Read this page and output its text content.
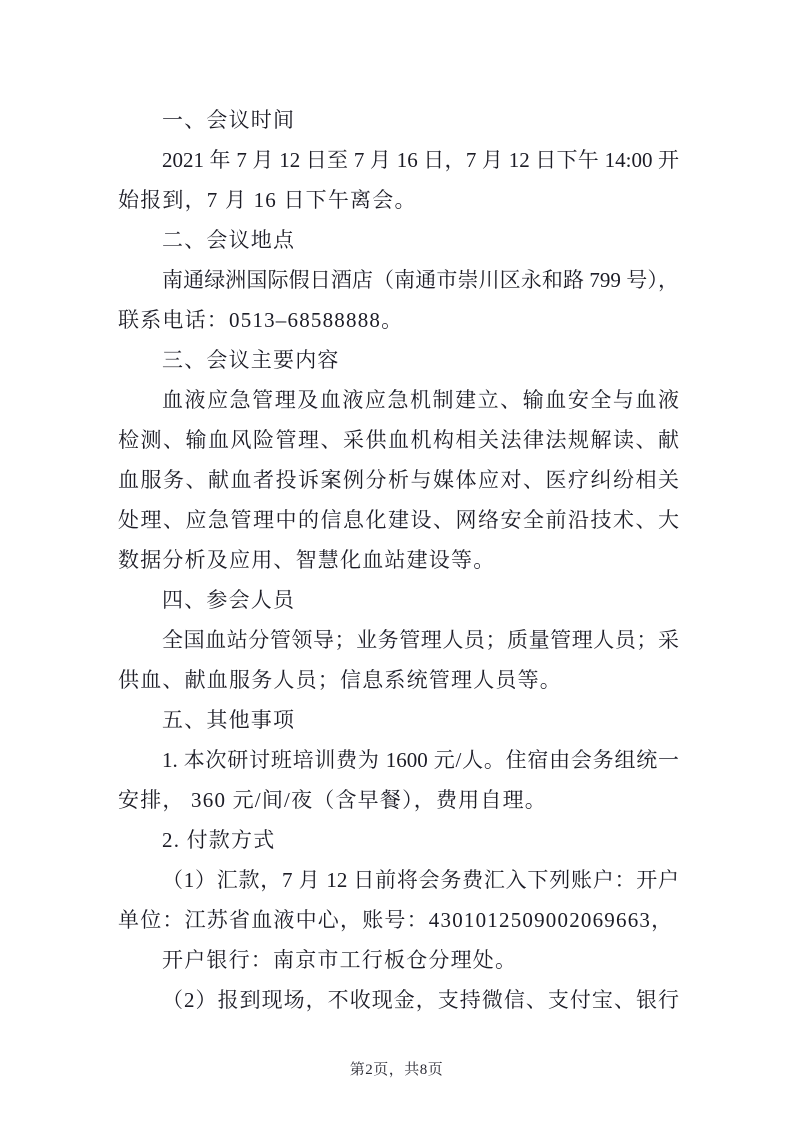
一、会议时间
2021 年 7 月 12 日至 7 月 16 日，7 月 12 日下午 14:00 开
始报到，7 月 16 日下午离会。
二、会议地点
南通绿洲国际假日酒店（南通市崇川区永和路 799 号），
联系电话：0513–68588888。
三、会议主要内容
血液应急管理及血液应急机制建立、输血安全与血液
检测、输血风险管理、采供血机构相关法律法规解读、献
血服务、献血者投诉案例分析与媒体应对、医疗纠纷相关
处理、应急管理中的信息化建设、网络安全前沿技术、大
数据分析及应用、智慧化血站建设等。
四、参会人员
全国血站分管领导；业务管理人员；质量管理人员；采
供血、献血服务人员；信息系统管理人员等。
五、其他事项
1. 本次研讨班培训费为 1600 元/人。住宿由会务组统一
安排， 360 元/间/夜（含早餐），费用自理。
2. 付款方式
（1）汇款，7 月 12 日前将会务费汇入下列账户：开户
单位：江苏省血液中心，账号：4301012509002069663，
开户银行：南京市工行板仓分理处。
（2）报到现场，不收现金，支持微信、支付宝、银行
第2页，共8页
